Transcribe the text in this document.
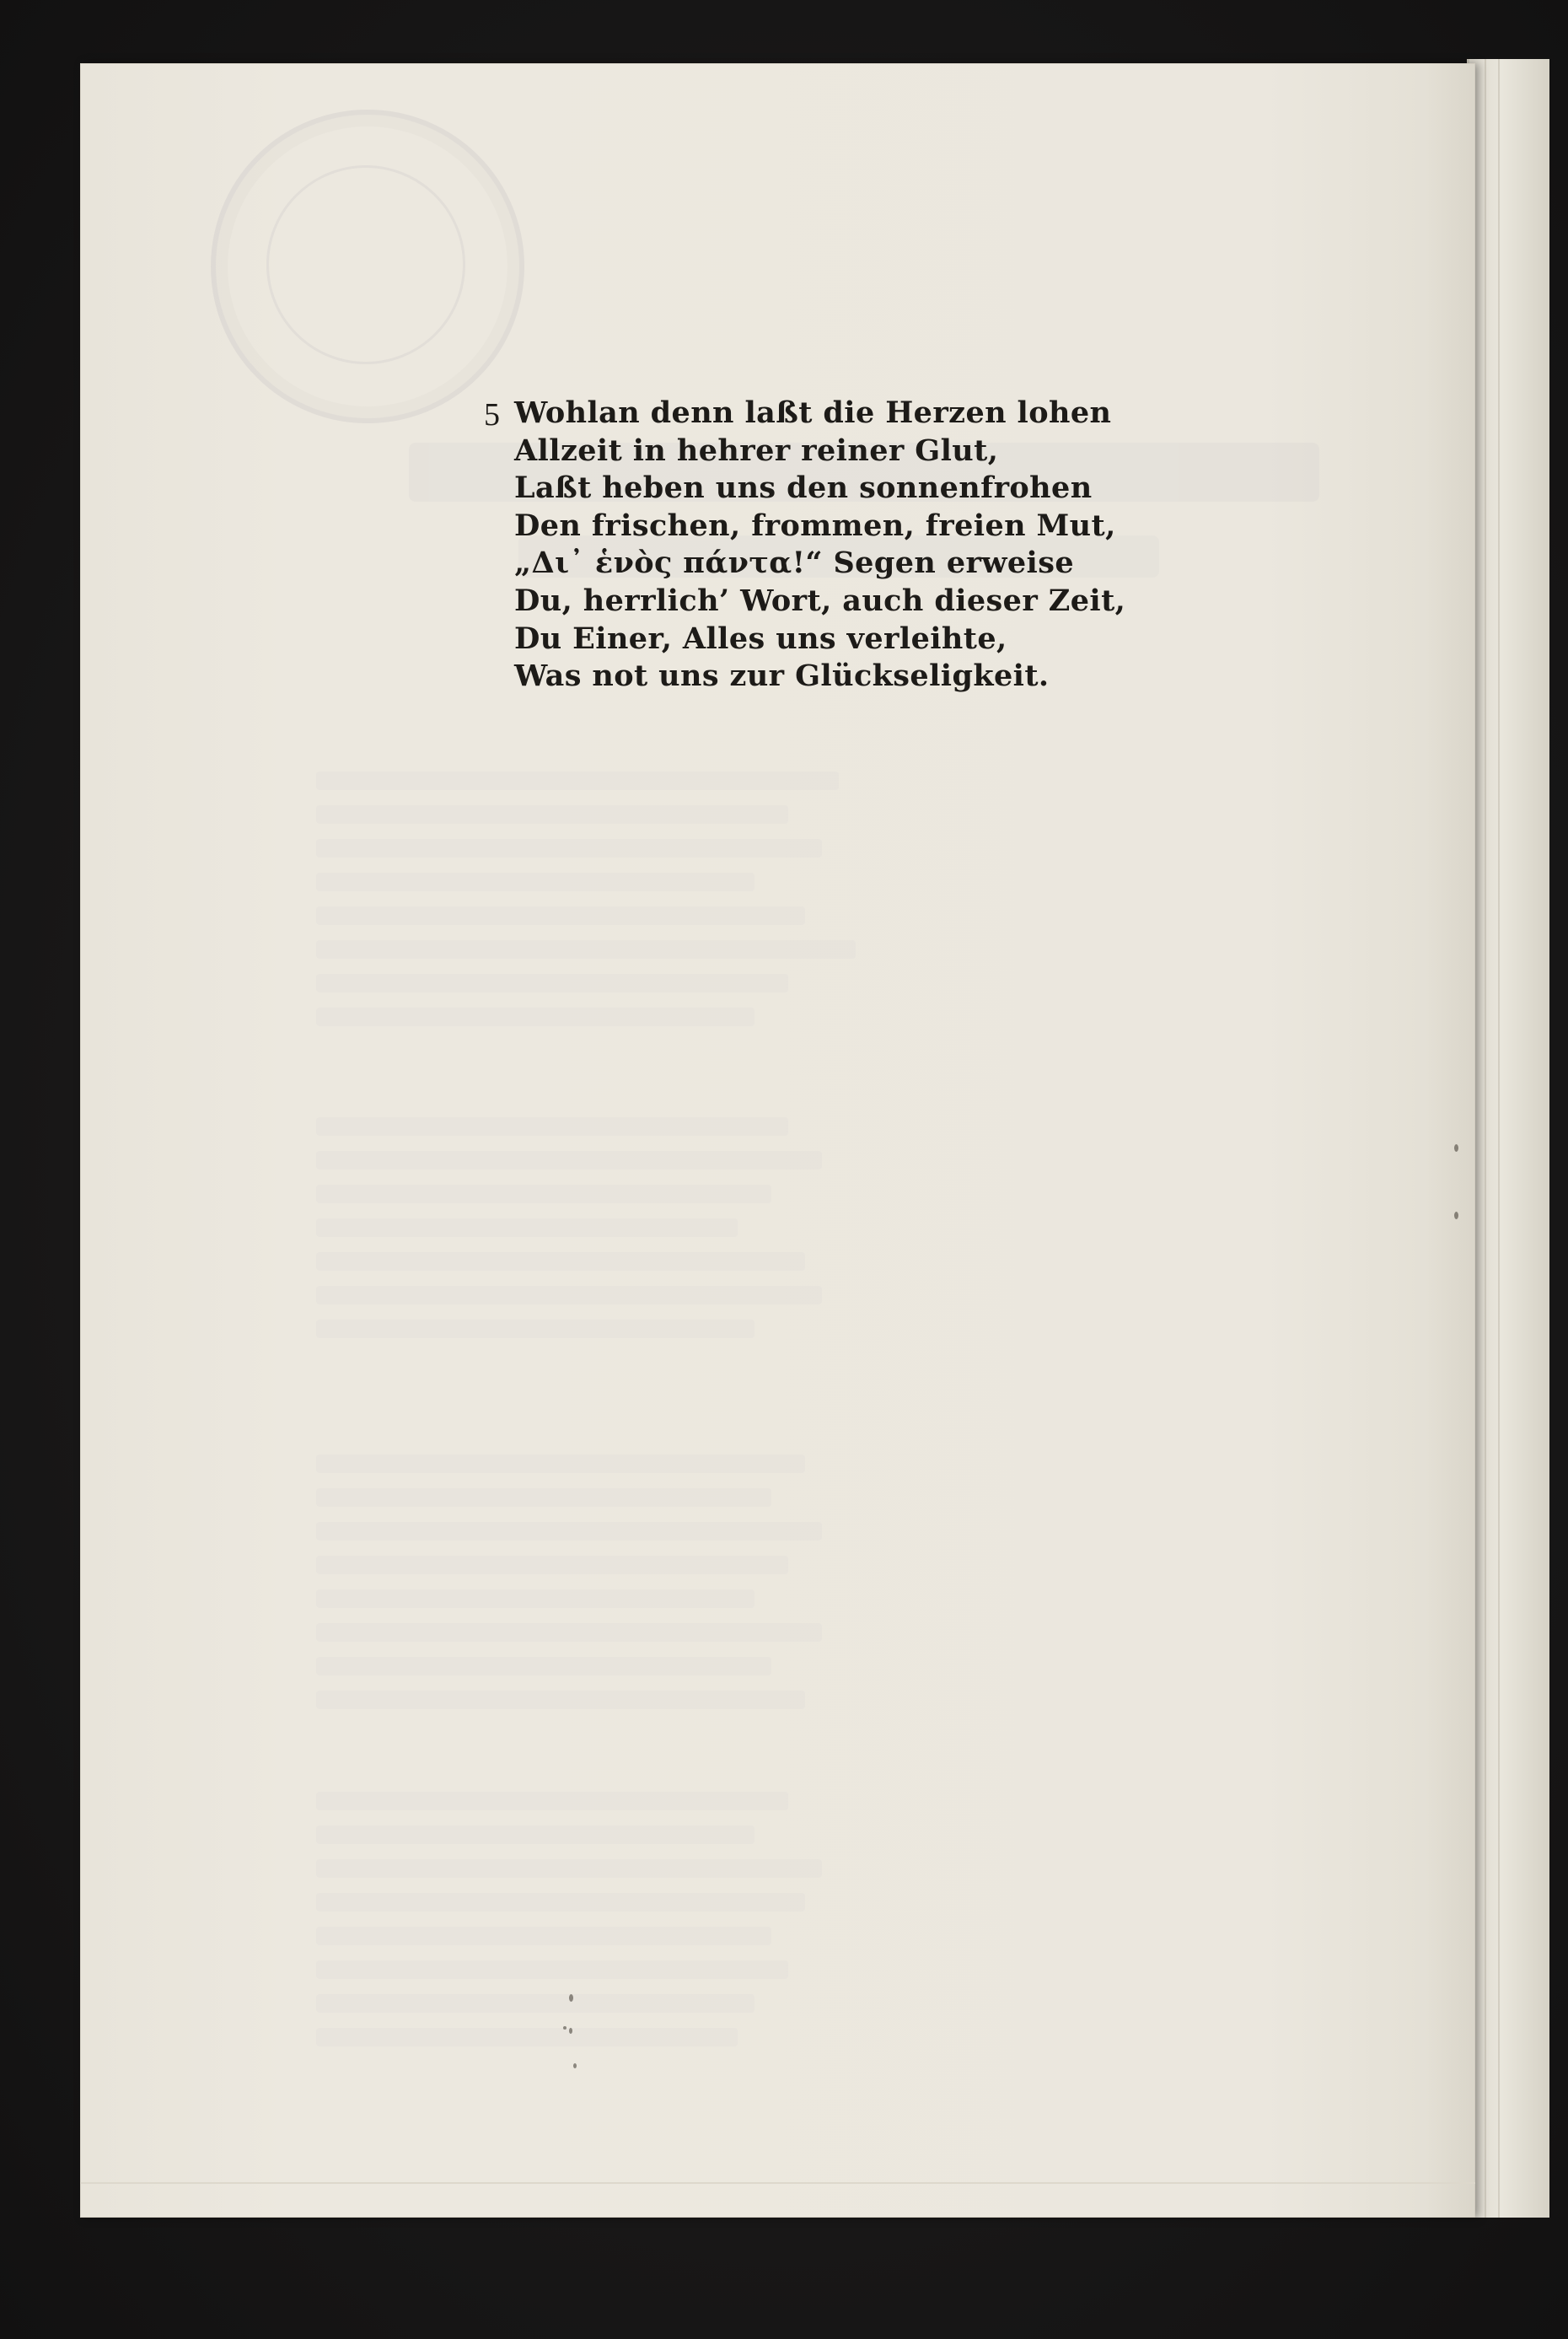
5 Wohlan denn laßt die Herzen lohen
Allzeit in hehrer reiner Glut,
Laßt heben uns den sonnenfrohen
Den frischen, frommen, freien Mut,
„Δι᾽ ἑνὸς πάντα!“ Segen erweise
Du, herrlich’ Wort, auch dieser Zeit,
Du Einer, Alles uns verleihte,
Was not uns zur Glückseligkeit.
